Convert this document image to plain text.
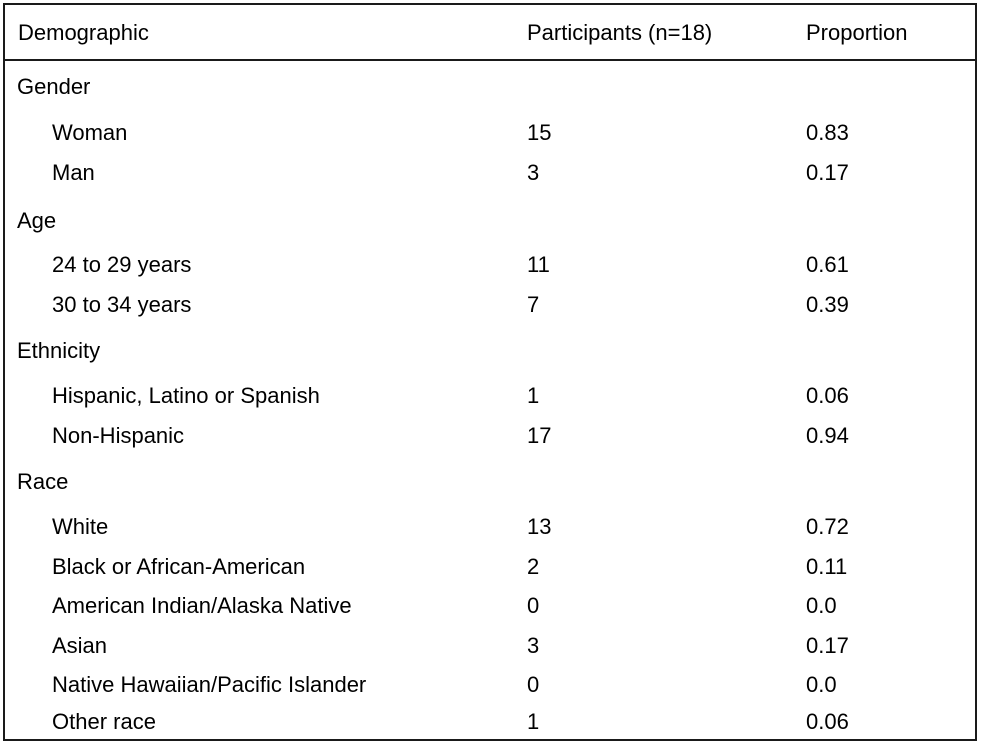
Demographic	Participants (n=18)	Proportion
Gender
Woman	15	0.83
Man	3	0.17
Age
24 to 29 years	11	0.61
30 to 34 years	7	0.39
Ethnicity
Hispanic, Latino or Spanish	1	0.06
Non-Hispanic	17	0.94
Race
White	13	0.72
Black or African-American	2	0.11
American Indian/Alaska Native	0	0.0
Asian	3	0.17
Native Hawaiian/Pacific Islander	0	0.0
Other race	1	0.06
